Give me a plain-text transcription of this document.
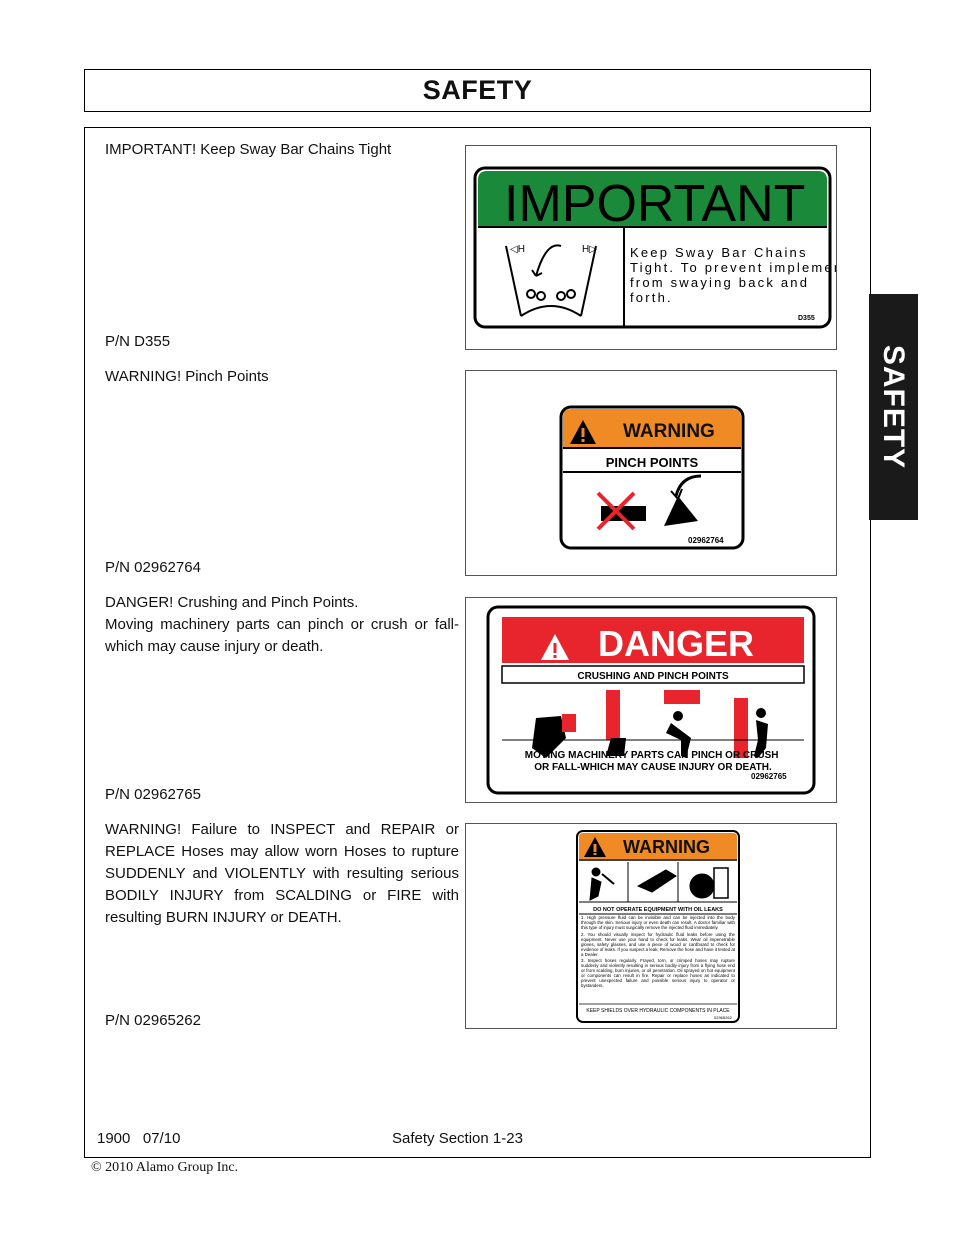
SAFETY
SAFETY
IMPORTANT! Keep Sway Bar Chains Tight
P/N D355
IMPORTANT
◁H	H▷	Keep Sway Bar Chains Tight. To prevent implement from swaying back and forth.
D355
WARNING! Pinch Points
P/N 02962764
WARNING
PINCH POINTS
02962764
DANGER! Crushing and Pinch Points.
Moving machinery parts can pinch or crush or fall-which may cause injury or death.
P/N 02962765
DANGER
CRUSHING AND PINCH POINTS
MOVING MACHINERY PARTS CAN PINCH OR CRUSH OR FALL-WHICH MAY CAUSE INJURY OR DEATH.
02962765
WARNING! Failure to INSPECT and REPAIR or REPLACE Hoses may allow worn Hoses to rupture SUDDENLY and VIOLENTLY with resulting serious BODILY INJURY from SCALDING or FIRE with resulting BURN INJURY or DEATH.
P/N 02965262
WARNING
DO NOT OPERATE EQUIPMENT WITH OIL LEAKS

1. High pressure fluid can be invisible and can be injected into the body through the skin. Serious injury or even death can result. A doctor familiar with this type of injury must surgically remove the injected fluid immediately.

2. You should visually inspect for hydraulic fluid leaks before using the equipment. Never use your hand to check for leaks. Wear oil impenetrable gloves, safety glasses, and use a piece of wood or cardboard to check for evidence of leaks. If you suspect a leak, Remove the hose and have it tested at a Dealer.

3. Inspect hoses regularly. Frayed, torn, or crimped hoses may rupture suddenly and violently resulting in serious bodily injury from a flying hose end or from scalding, burn injuries, or oil penetration. Oil sprayed on hot equipment or components can result in fire. Repair or replace hoses as indicated to prevent unexpected failure and possible serious injury to operator or bystanders.

KEEP SHIELDS OVER HYDRAULIC COMPONENTS IN PLACE
02965262
1900   07/10	Safety Section 1-23
© 2010 Alamo Group Inc.
